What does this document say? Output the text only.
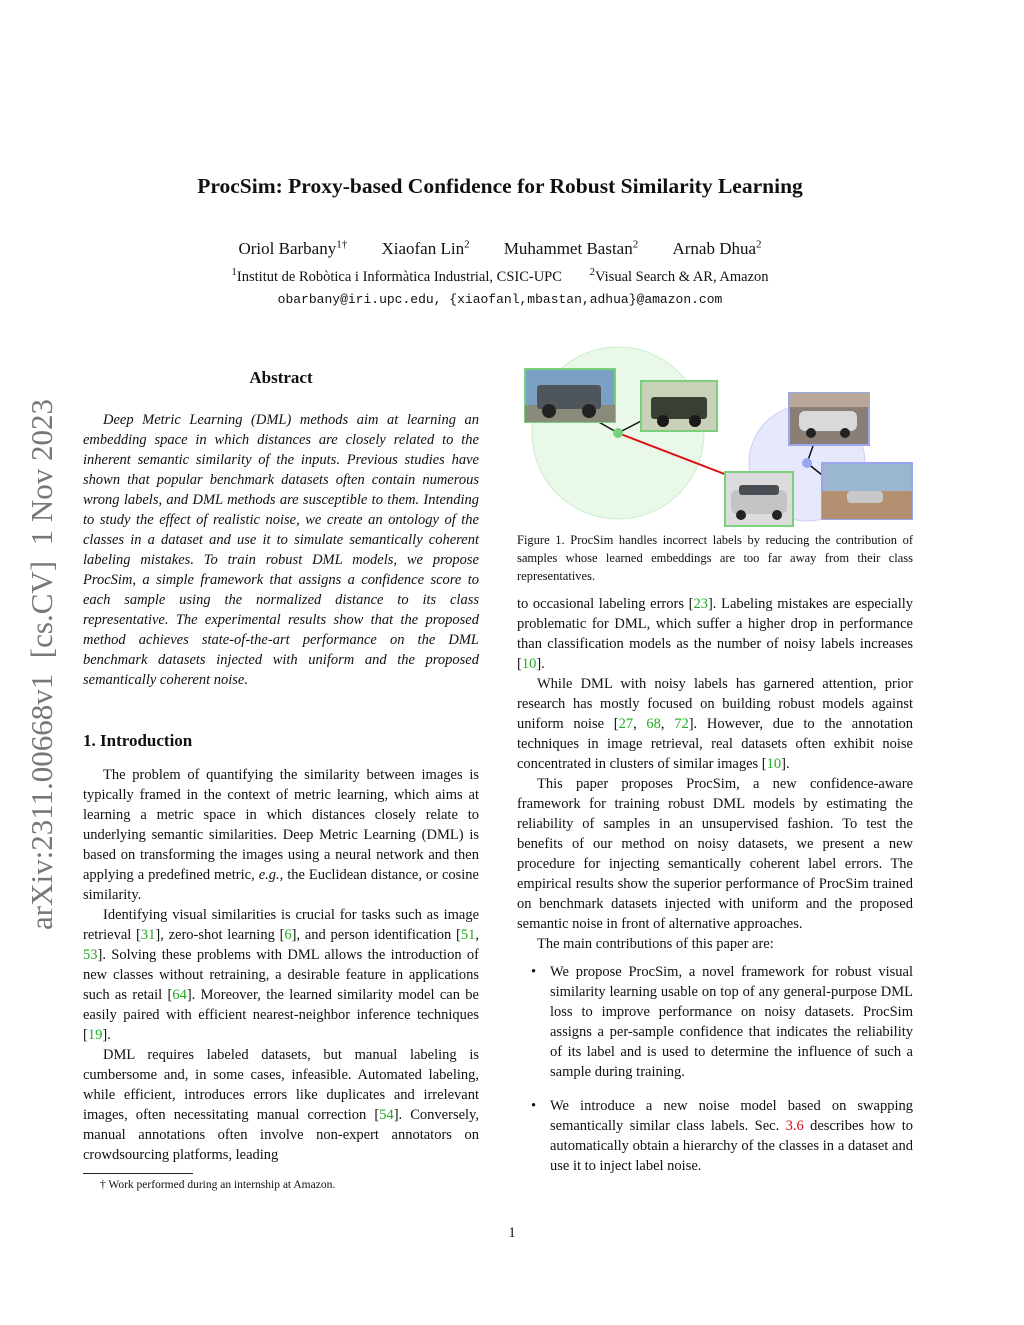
arXiv:2311.00668v1  [cs.CV]  1 Nov 2023
ProcSim: Proxy-based Confidence for Robust Similarity Learning
Oriol Barbany$^{1\dagger}$ Xiaofan Lin$^2$ Muhammet Bastan$^2$ Arnab Dhua$^2$
$^1$Institut de Robòtica i Informàtica Industrial, CSIC-UPC	$^2$Visual Search & AR, Amazon
obarbany@iri.upc.edu, {xiaofanl,mbastan,adhua}@amazon.com
Abstract

Deep Metric Learning (DML) methods aim at learning an embedding space in which distances are closely related to the inherent semantic similarity of the inputs. Previous studies have shown that popular benchmark datasets often contain numerous wrong labels, and DML methods are susceptible to them. Intending to study the effect of realistic noise, we create an ontology of the classes in a dataset and use it to simulate semantically coherent labeling mistakes. To train robust DML models, we propose ProcSim, a simple framework that assigns a confidence score to each sample using the normalized distance to its class representative. The experimental results show that the proposed method achieves state-of-the-art performance on the DML benchmark datasets injected with uniform and the proposed semantically coherent noise.

1. Introduction

The problem of quantifying the similarity between images is typically framed in the context of metric learning, which aims at learning a metric space in which distances closely relate to underlying semantic similarities. Deep Metric Learning (DML) is based on transforming the images using a neural network and then applying a predefined metric, e.g., the Euclidean distance, or cosine similarity.

Identifying visual similarities is crucial for tasks such as image retrieval [31], zero-shot learning [6], and person identification [51, 53]. Solving these problems with DML allows the introduction of new classes without retraining, a desirable feature in applications such as retail [64]. Moreover, the learned similarity model can be easily paired with efficient nearest-neighbor inference techniques [19].

DML requires labeled datasets, but manual labeling is cumbersome and, in some cases, infeasible. Automated labeling, while efficient, introduces errors like duplicates and irrelevant images, often necessitating manual correction [54]. Conversely, manual annotations often involve non-expert annotators on crowdsourcing platforms, leading

† Work performed during an internship at Amazon.

Figure 1. ProcSim handles incorrect labels by reducing the contribution of samples whose learned embeddings are too far away from their class representatives.

to occasional labeling errors [23]. Labeling mistakes are especially problematic for DML, which suffer a higher drop in performance than classification models as the number of noisy labels increases [10].

While DML with noisy labels has garnered attention, prior research has mostly focused on building robust models against uniform noise [27, 68, 72]. However, due to the annotation techniques in image retrieval, real datasets often exhibit noise concentrated in clusters of similar images [10].

This paper proposes ProcSim, a new confidence-aware framework for training robust DML models by estimating the reliability of samples in an unsupervised fashion. To test the benefits of our method on noisy datasets, we present a new procedure for injecting semantically coherent label errors. The empirical results show the superior performance of ProcSim trained on benchmark datasets injected with uniform and the proposed semantic noise in front of alternative approaches.

The main contributions of this paper are:

• We propose ProcSim, a novel framework for robust visual similarity learning usable on top of any general-purpose DML loss to improve performance on noisy datasets. ProcSim assigns a per-sample confidence that indicates the reliability of its label and is used to determine the influence of such a sample during training.
• We introduce a new noise model based on swapping semantically similar class labels. Sec. 3.6 describes how to automatically obtain a hierarchy of the classes in a dataset and use it to inject label noise.
1
